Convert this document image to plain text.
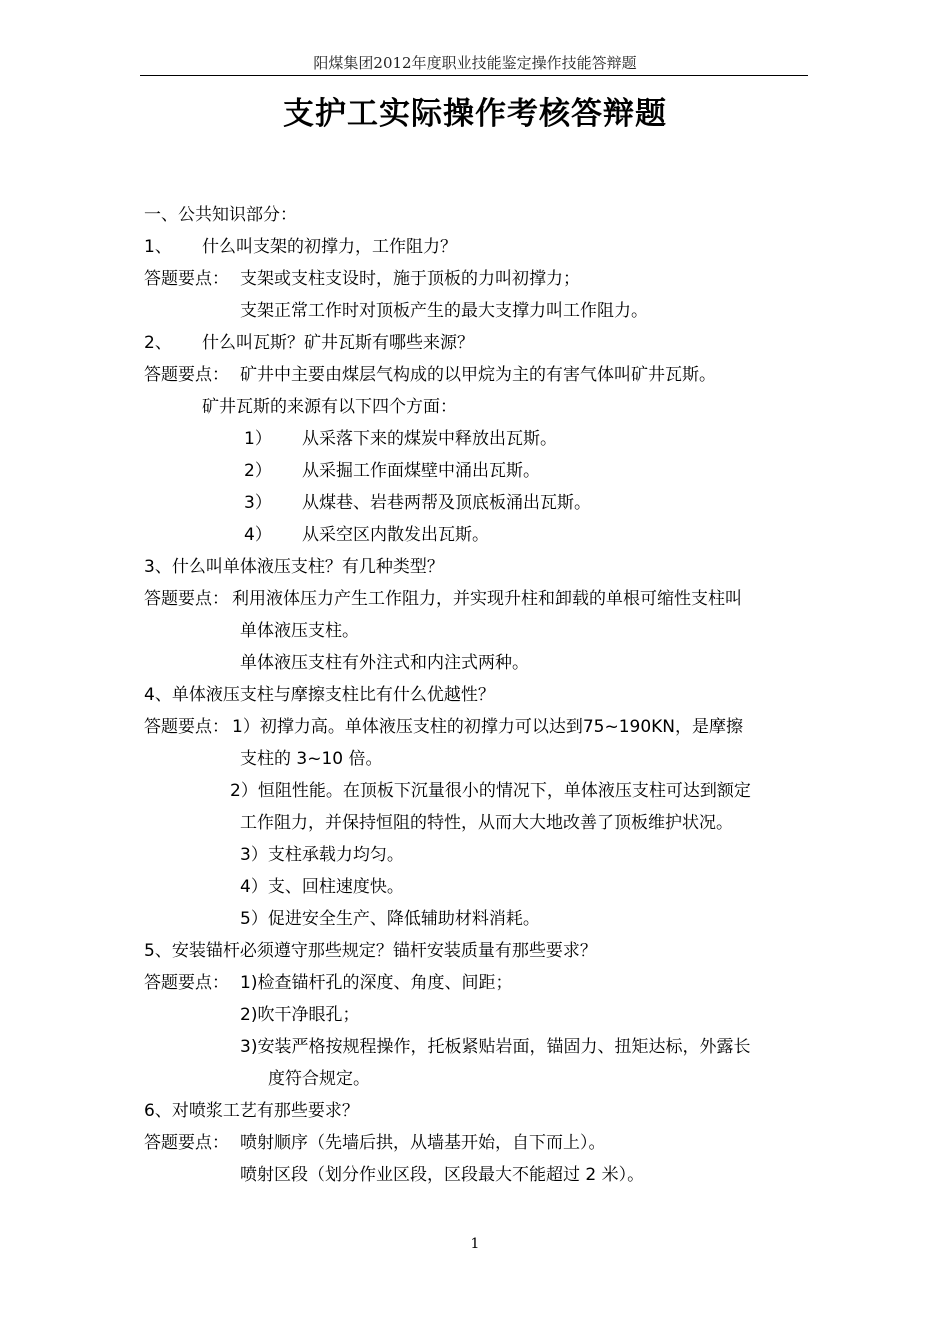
阳煤集团2012年度职业技能鉴定操作技能答辩题
支护工实际操作考核答辩题
一、公共知识部分：
1、 什么叫支架的初撑力，工作阻力？
答题要点： 支架或支柱支设时，施于顶板的力叫初撑力；
支架正常工作时对顶板产生的最大支撑力叫工作阻力。
2、 什么叫瓦斯？矿井瓦斯有哪些来源？
答题要点： 矿井中主要由煤层气构成的以甲烷为主的有害气体叫矿井瓦斯。
矿井瓦斯的来源有以下四个方面：
1） 从采落下来的煤炭中释放出瓦斯。
2） 从采掘工作面煤壁中涌出瓦斯。
3） 从煤巷、岩巷两帮及顶底板涌出瓦斯。
4） 从采空区内散发出瓦斯。
3、什么叫单体液压支柱？有几种类型？
答题要点： 利用液体压力产生工作阻力，并实现升柱和卸载的单根可缩性支柱叫
单体液压支柱。
单体液压支柱有外注式和内注式两种。
4、单体液压支柱与摩擦支柱比有什么优越性？
答题要点： 1）初撑力高。单体液压支柱的初撑力可以达到75~190KN，是摩擦
支柱的 3~10 倍。
2）恒阻性能。在顶板下沉量很小的情况下，单体液压支柱可达到额定
工作阻力，并保持恒阻的特性，从而大大地改善了顶板维护状况。
3）支柱承载力均匀。
4）支、回柱速度快。
5）促进安全生产、降低辅助材料消耗。
5、安装锚杆必须遵守那些规定？锚杆安装质量有那些要求？
答题要点： 1)检查锚杆孔的深度、角度、间距；
2)吹干净眼孔；
3)安装严格按规程操作，托板紧贴岩面，锚固力、扭矩达标，外露长
度符合规定。
6、对喷浆工艺有那些要求？
答题要点： 喷射顺序（先墙后拱，从墙基开始，自下而上）。
喷射区段（划分作业区段，区段最大不能超过 2 米）。
1
